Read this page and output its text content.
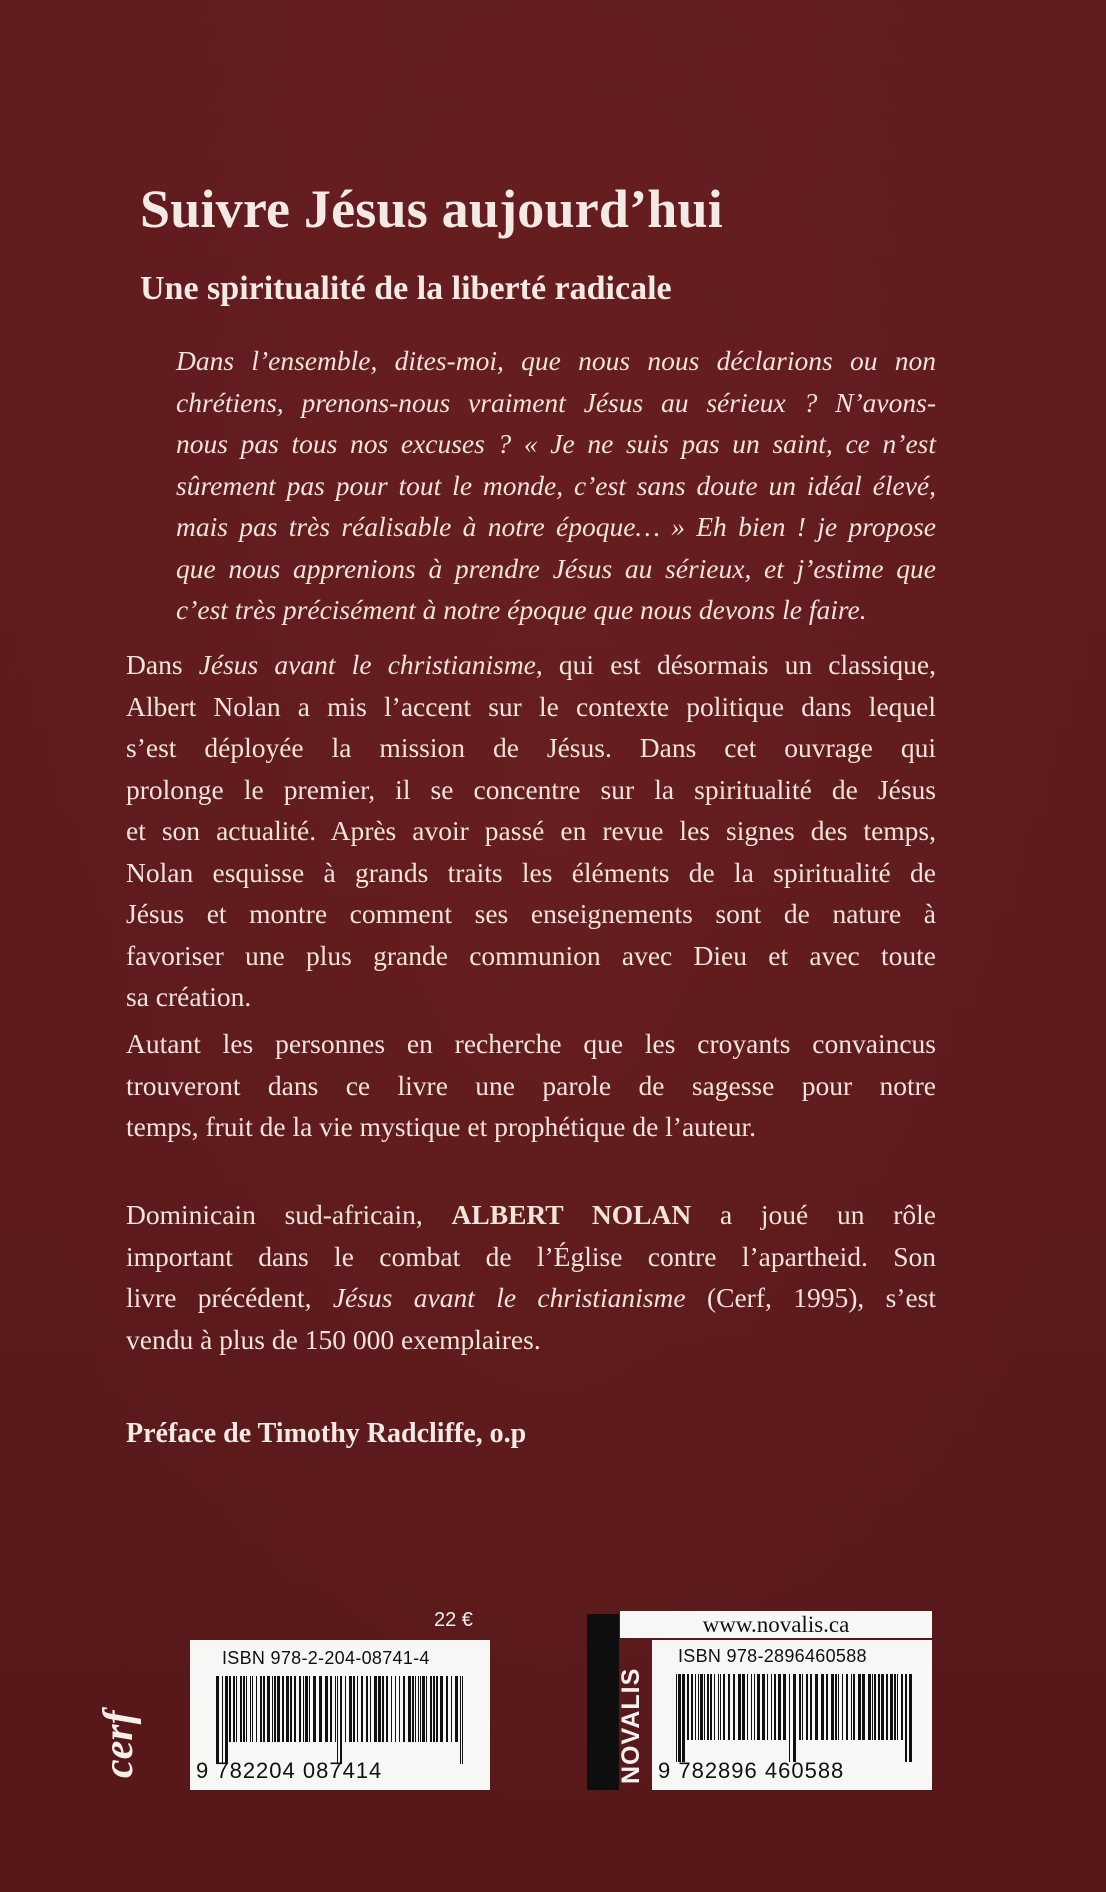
Suivre Jésus aujourd’hui
Une spiritualité de la liberté radicale
Dans l’ensemble, dites-moi, que nous nous déclarions ou non
chrétiens, prenons-nous vraiment Jésus au sérieux ? N’avons-
nous pas tous nos excuses ? « Je ne suis pas un saint, ce n’est
sûrement pas pour tout le monde, c’est sans doute un idéal élevé,
mais pas très réalisable à notre époque… » Eh bien ! je propose
que nous apprenions à prendre Jésus au sérieux, et j’estime que
c’est très précisément à notre époque que nous devons le faire.
Dans Jésus avant le christianisme, qui est désormais un classique,
Albert Nolan a mis l’accent sur le contexte politique dans lequel
s’est déployée la mission de Jésus. Dans cet ouvrage qui
prolonge le premier, il se concentre sur la spiritualité de Jésus
et son actualité. Après avoir passé en revue les signes des temps,
Nolan esquisse à grands traits les éléments de la spiritualité de
Jésus et montre comment ses enseignements sont de nature à
favoriser une plus grande communion avec Dieu et avec toute
sa création.
Autant les personnes en recherche que les croyants convaincus
trouveront dans ce livre une parole de sagesse pour notre
temps, fruit de la vie mystique et prophétique de l’auteur.
Dominicain sud-africain, ALBERT NOLAN a joué un rôle
important dans le combat de l’Église contre l’apartheid. Son
livre précédent, Jésus avant le christianisme (Cerf, 1995), s’est
vendu à plus de 150 000 exemplaires.

Préface de Timothy Radcliffe, o.p

22 €
cerf
ISBN 978-2-204-08741-4
9 782204 087414	NOVALIS
www.novalis.ca
ISBN 978-2896460588
9 782896 460588
